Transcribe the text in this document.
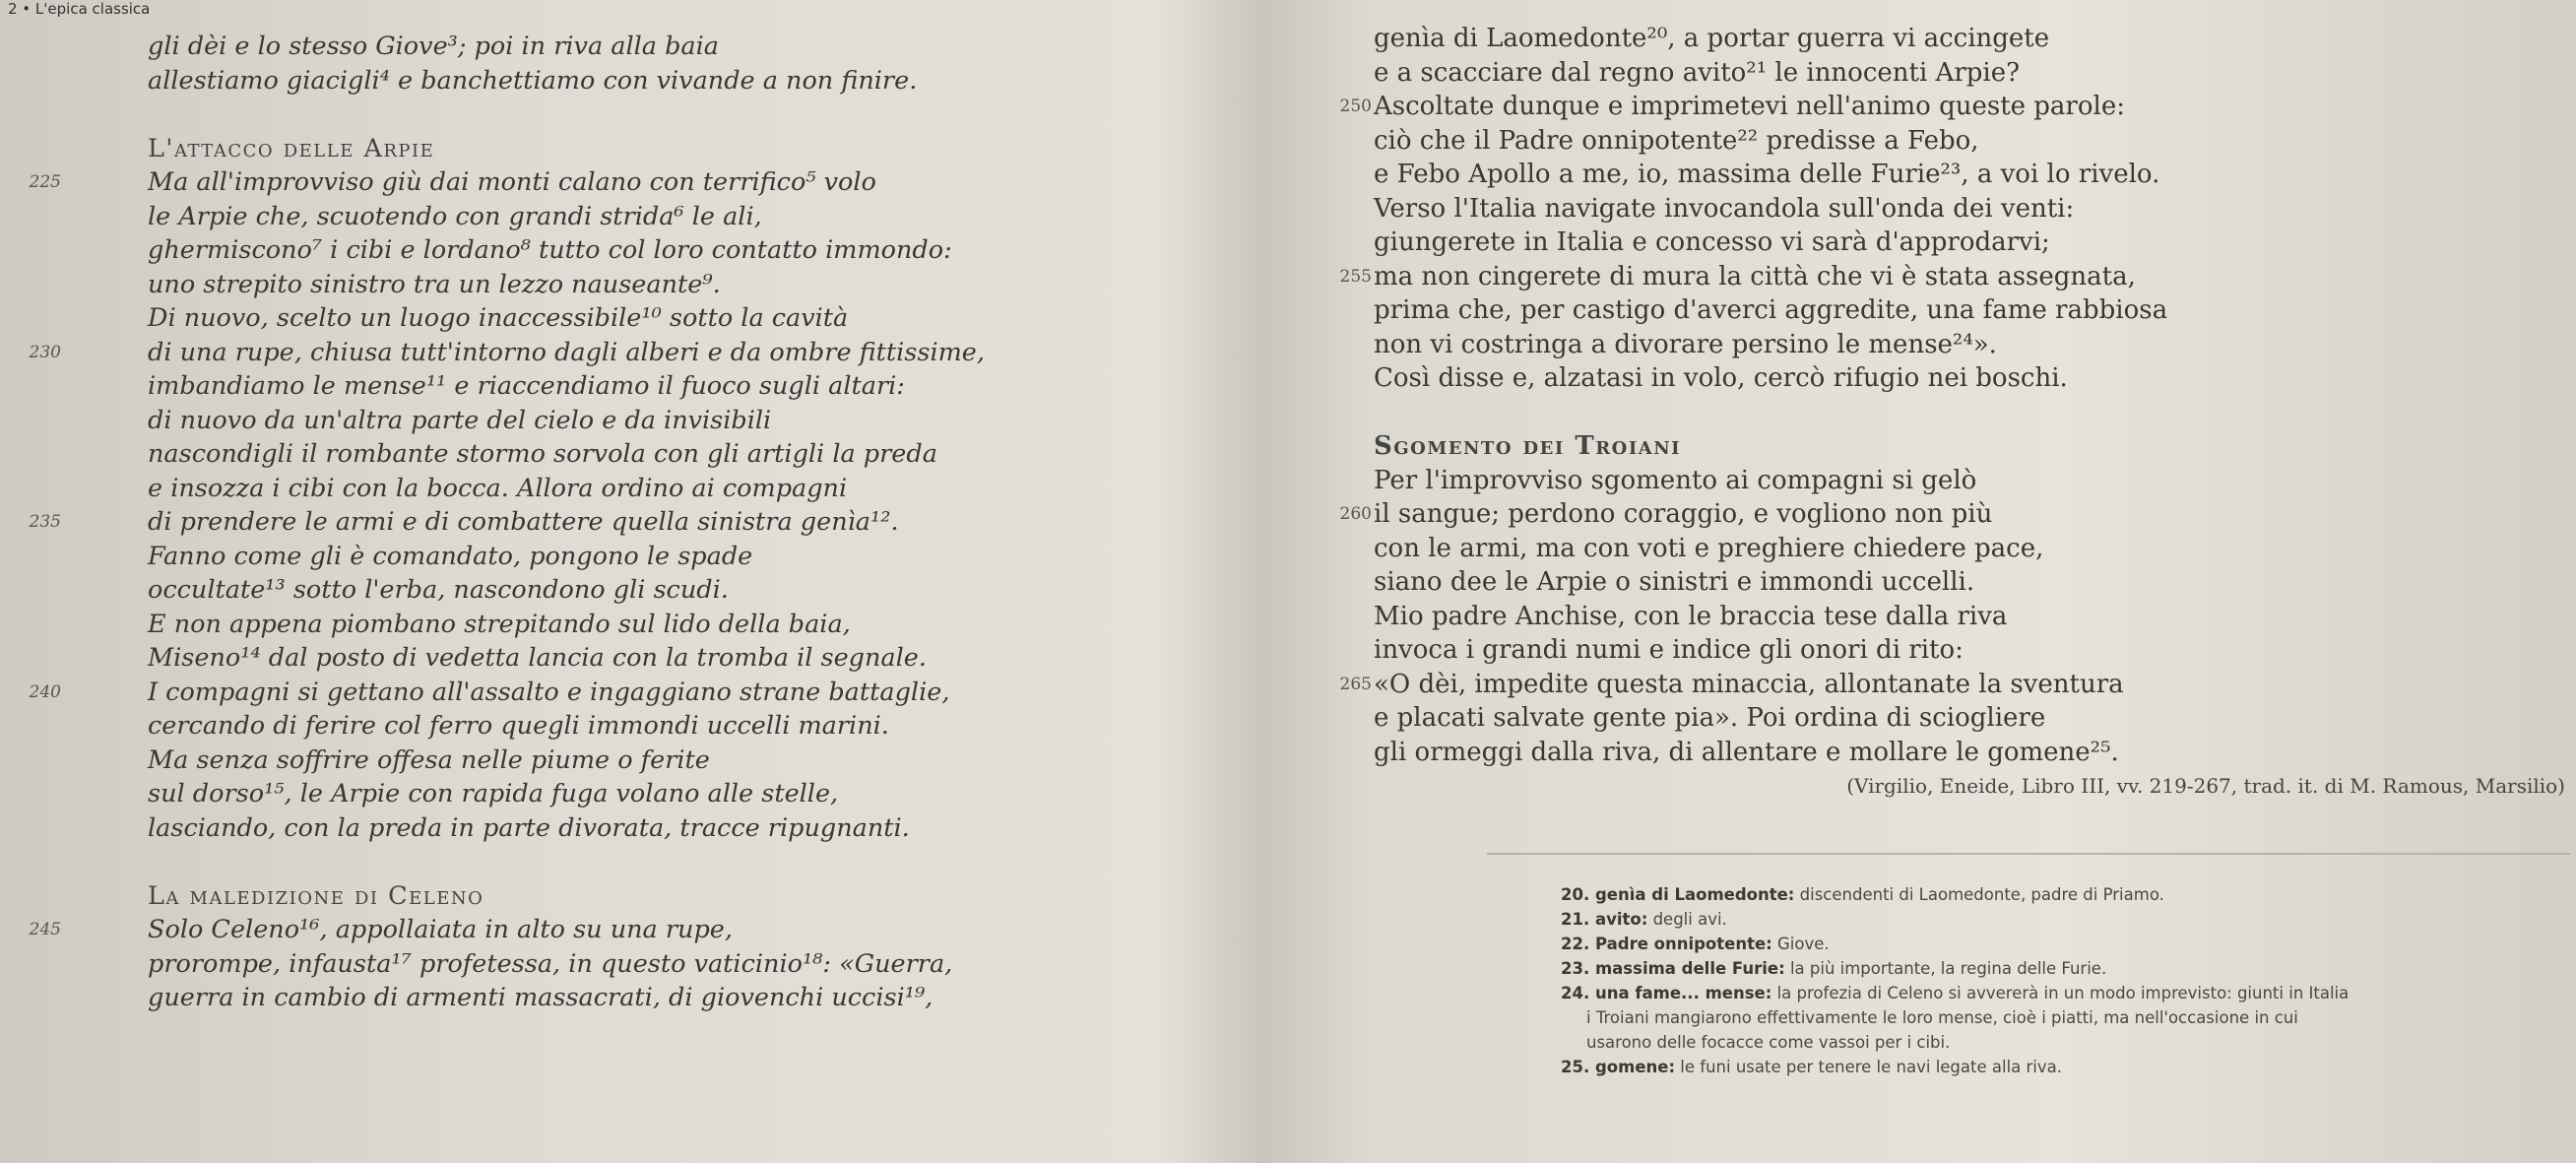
2 • L'epica classica
gli dèi e lo stesso Giove³; poi in riva alla baia
allestiamo giacigli⁴ e banchettiamo con vivande a non finire.
L'attacco delle Arpie
225	Ma all'improvviso giù dai monti calano con terrifico⁵ volo
le Arpie che, scuotendo con grandi strida⁶ le ali,
ghermiscono⁷ i cibi e lordano⁸ tutto col loro contatto immondo:
uno strepito sinistro tra un lezzo nauseante⁹.
Di nuovo, scelto un luogo inaccessibile¹⁰ sotto la cavità
230	di una rupe, chiusa tutt'intorno dagli alberi e da ombre fittissime,
imbandiamo le mense¹¹ e riaccendiamo il fuoco sugli altari:
di nuovo da un'altra parte del cielo e da invisibili
nascondigli il rombante stormo sorvola con gli artigli la preda
e insozza i cibi con la bocca. Allora ordino ai compagni
235	di prendere le armi e di combattere quella sinistra genìa¹².
Fanno come gli è comandato, pongono le spade
occultate¹³ sotto l'erba, nascondono gli scudi.
E non appena piombano strepitando sul lido della baia,
Miseno¹⁴ dal posto di vedetta lancia con la tromba il segnale.
240	I compagni si gettano all'assalto e ingaggiano strane battaglie,
cercando di ferire col ferro quegli immondi uccelli marini.
Ma senza soffrire offesa nelle piume o ferite
sul dorso¹⁵, le Arpie con rapida fuga volano alle stelle,
lasciando, con la preda in parte divorata, tracce ripugnanti.
La maledizione di Celeno
245	Solo Celeno¹⁶, appollaiata in alto su una rupe,
prorompe, infausta¹⁷ profetessa, in questo vaticinio¹⁸: «Guerra,
guerra in cambio di armenti massacrati, di giovenchi uccisi¹⁹,
genìa di Laomedonte²⁰, a portar guerra vi accingete
e a scacciare dal regno avito²¹ le innocenti Arpie?
250 Ascoltate dunque e imprimetevi nell'animo queste parole:
ciò che il Padre onnipotente²² predisse a Febo,
e Febo Apollo a me, io, massima delle Furie²³, a voi lo rivelo.
Verso l'Italia navigate invocandola sull'onda dei venti:
giungerete in Italia e concesso vi sarà d'approdarvi;
255 ma non cingerete di mura la città che vi è stata assegnata,
prima che, per castigo d'averci aggredite, una fame rabbiosa
non vi costringa a divorare persino le mense²⁴».
Così disse e, alzatasi in volo, cercò rifugio nei boschi.
Sgomento dei Troiani
Per l'improvviso sgomento ai compagni si gelò
260 il sangue; perdono coraggio, e vogliono non più
con le armi, ma con voti e preghiere chiedere pace,
siano dee le Arpie o sinistri e immondi uccelli.
Mio padre Anchise, con le braccia tese dalla riva
invoca i grandi numi e indice gli onori di rito:
265 «O dèi, impedite questa minaccia, allontanate la sventura
e placati salvate gente pia». Poi ordina di sciogliere
gli ormeggi dalla riva, di allentare e mollare le gomene²⁵.
(Virgilio, Eneide, Libro III, vv. 219-267, trad. it. di M. Ramous, Marsilio)
20. genìa di Laomedonte: discendenti di Laomedonte, padre di Priamo.
21. avito: degli avi.
22. Padre onnipotente: Giove.
23. massima delle Furie: la più importante, la regina delle Furie.
24. una fame... mense: la profezia di Celeno si avvererà in un modo imprevisto: giunti in Italia
i Troiani mangiarono effettivamente le loro mense, cioè i piatti, ma nell'occasione in cui
usarono delle focacce come vassoi per i cibi.
25. gomene: le funi usate per tenere le navi legate alla riva.
